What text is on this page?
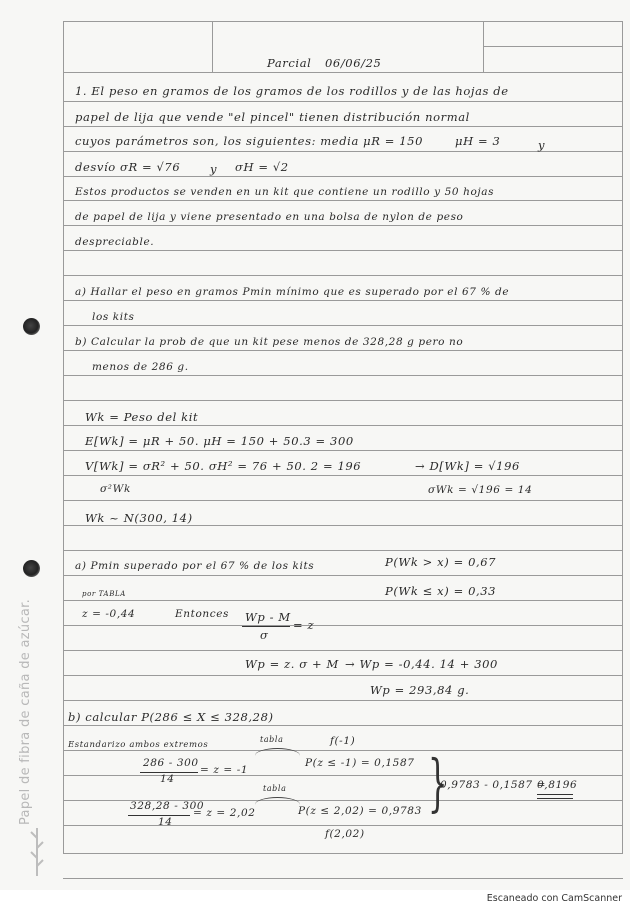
Papel de fibra de caña de azúcar.
Parcial 06/06/25
1. El peso en gramos de los gramos de los rodillos y de las hojas de
papel de lija que vende "el pincel" tienen distribución normal
cuyos parámetros son, los siguientes: media μR = 150	μH = 3	y
desvío σR = √76	y σH = √2
Estos productos se venden en un kit que contiene un rodillo y 50 hojas
de papel de lija y viene presentado en una bolsa de nylon de peso
despreciable.
a) Hallar el peso en gramos Pmin mínimo que es superado por el 67 % de
los kits
b) Calcular la prob de que un kit pese menos de 328,28 g pero no
menos de 286 g.
Wk = Peso del kit
E[Wk] = μR + 50. μH = 150 + 50.3 = 300
V[Wk] = σR² + 50. σH² = 76 + 50. 2 = 196	→ D[Wk] = √196
σ²Wk	σWk = √196 = 14
Wk ~ N(300, 14)
a) Pmin superado por el 67 % de los kits	P(Wk > x) = 0,67
P(Wk ≤ x) = 0,33
por TABLA
z = -0,44	Entonces Wp - M
σ
= z
Wp = z. σ + M → Wp = -0,44. 14 + 300
Wp = 293,84 g.
b) calcular P(286 ≤ X ≤ 328,28)
Estandarizo ambos extremos
tabla	f(-1)
286 - 300
14
= z = -1
P(z ≤ -1) = 0,1587
tabla
328,28 - 300
14
= z = 2,02	P(z ≤ 2,02) = 0,9783
f(2,02)
}
0,9783 - 0,1587 =
0,8196
Escaneado con CamScanner
